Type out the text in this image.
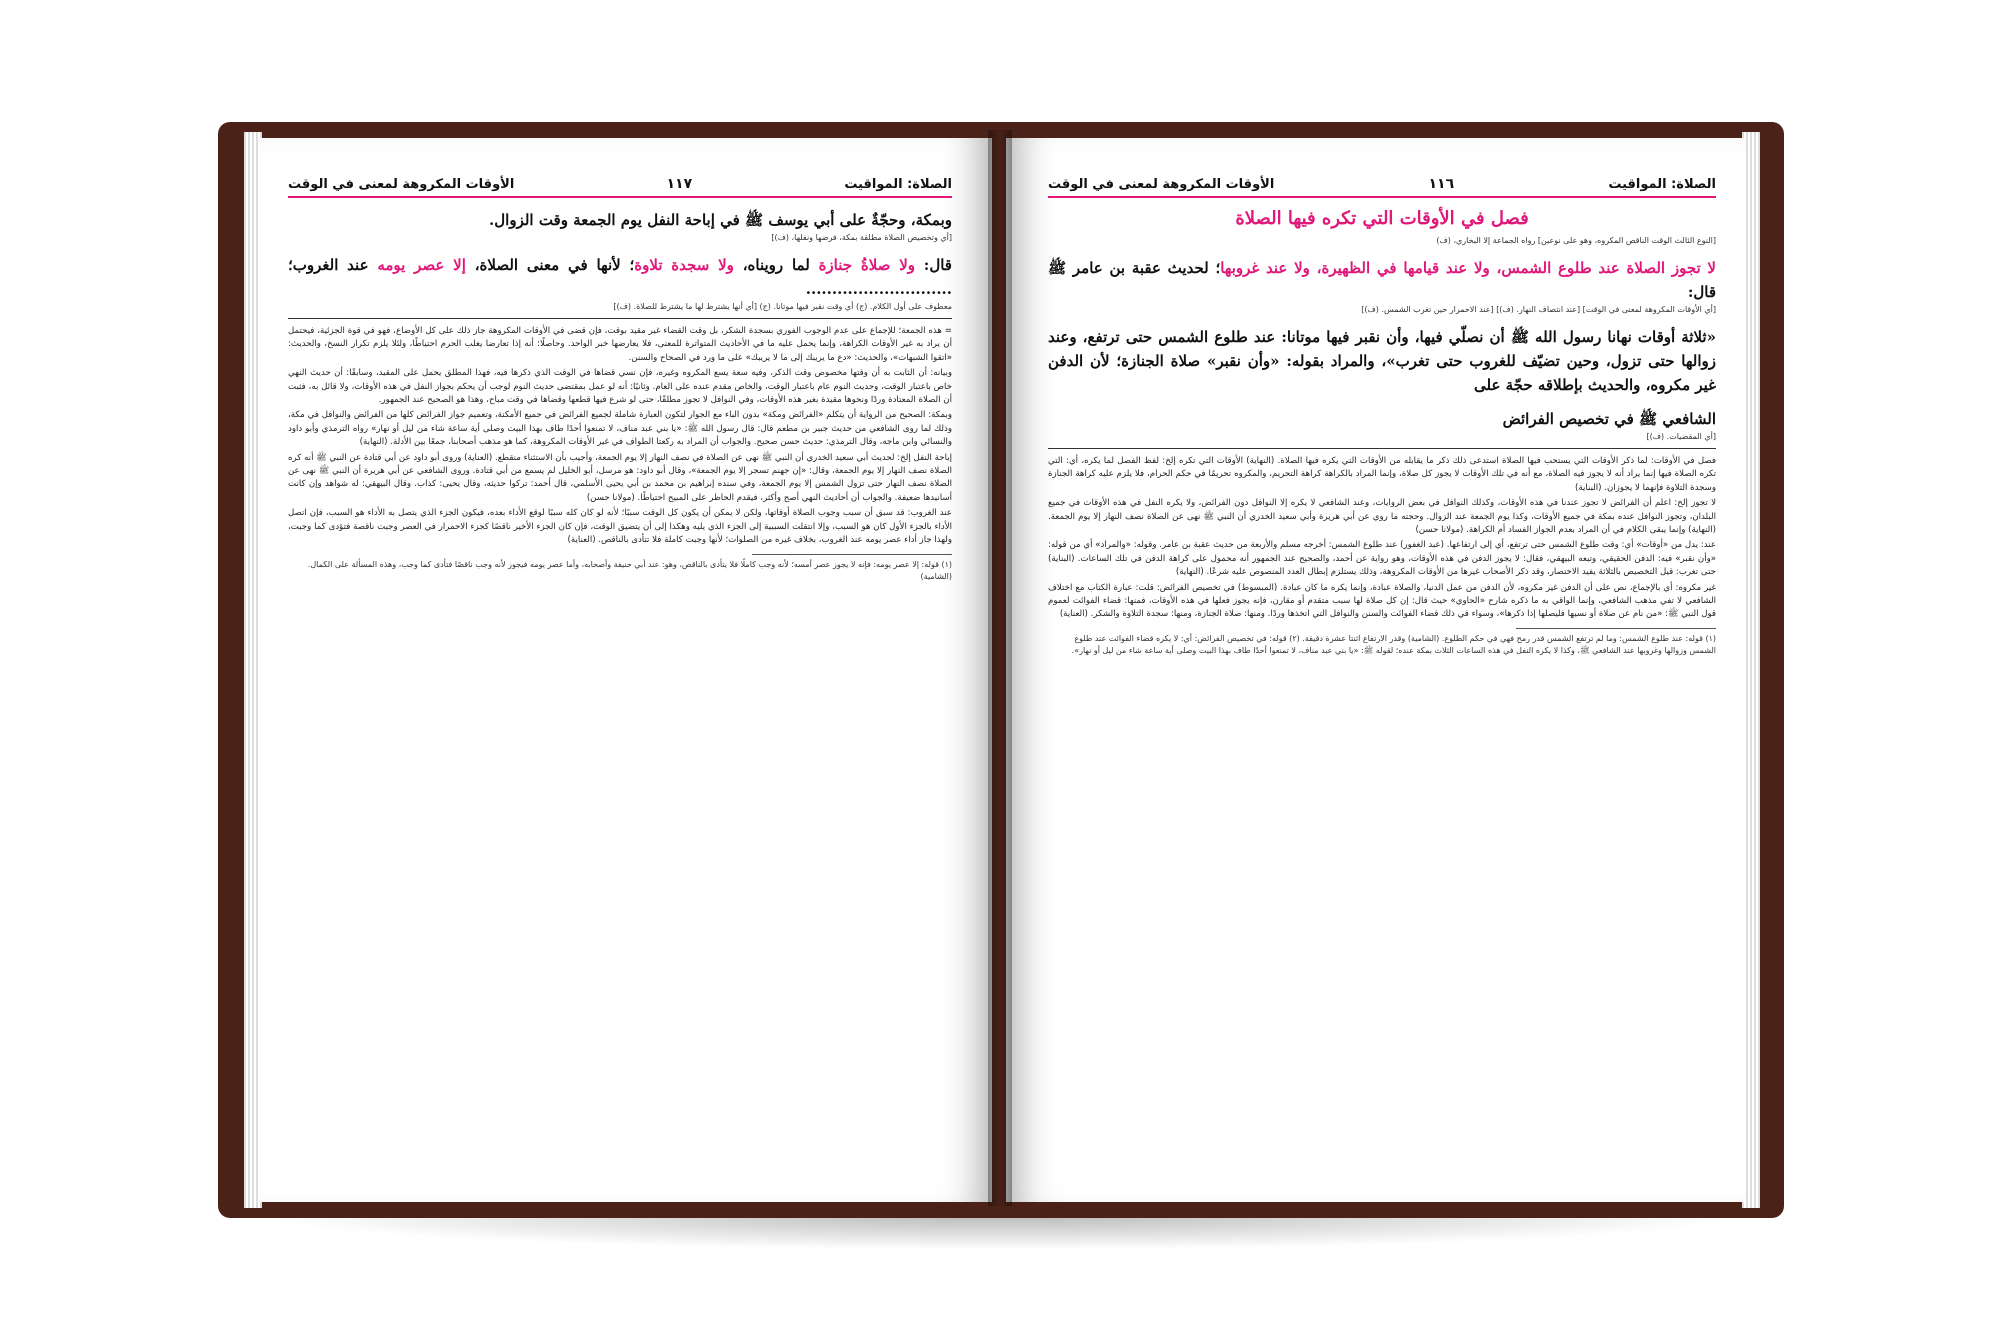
الصلاة: المواقيت
١١٧
الأوقات المكروهة لمعنى في الوقت
وبمكة، وحجّةٌ على أبي يوسف ﷺ في إباحة النفل يوم الجمعة وقت الزوال.
[أي وتخصيص الصلاة مطلقة بمكة، فرضها ونفلها، (ف)]
قال: ولا صلاةُ جنازة لما رويناه، ولا سجدة تلاوة؛ لأنها في معنى الصلاة، إلا عصر يومه عند الغروب؛ ............................
معطوف على أول الكلام. (ج) أي وقت نقبر فيها موتانا. (ج) [أي أنها يشترط لها ما يشترط للصلاة. (ف)]

= هذه الجمعة؛ للإجماع على عدم الوجوب الفوري بسجدة الشكر، بل وقت القضاء غير مقيد بوقت، فإن قضى في الأوقات المكروهة جاز ذلك على كل الأوضاع، فهو في قوة الجزئية، فيحتمل أن يراد به غير الأوقات الكراهة، وإنما يحمل عليه ما في الأحاديث المتواترة للمعنى، فلا يعارضها خبر الواحد. وحاصلًا: أنه إذا تعارضا يغلب الحرم احتياطًا، ولئلا يلزم تكرار النسخ، والحديث: «اتقوا الشبهات»، والحديث: «دع ما يريبك إلى ما لا يريبك» على ما ورد في الصحاح والسنن.

وبيانه: أن الثابت به أن وقتها مخصوص وقت الذكر، وفيه سعة يسع المكروه وغيره، فإن نسي قضاها في الوقت الذي ذكرها فيه، فهذا المطلق يحمل على المقيد، وسابقًا: أن حديث النهي خاص باعتبار الوقت، وحديث النوم عام باعتبار الوقت، والخاص مقدم عنده على العام. وثانيًا: أنه لو عمل بمقتضى حديث النوم لوجب أن يحكم بجواز النفل في هذه الأوقات، ولا قائل به، فثبت أن الصلاة المعتادة وردًا ونحوها مقيدة بغير هذه الأوقات، وفي النوافل لا تجوز مطلقًا، حتى لو شرع فيها قطعها وقضاها في وقت مباح، وهذا هو الصحيح عند الجمهور.

وبمكة: الصحيح من الرواية أن يتكلم «الفرائض ومكة» بدون الباء مع الجوار لتكون العبارة شاملة لجميع الفرائض في جميع الأمكنة، وتعميم جواز الفرائض كلها من الفرائض والنوافل في مكة، وذلك لما روى الشافعي من حديث جبير بن مطعم قال: قال رسول الله ﷺ: «يا بني عبد مناف، لا تمنعوا أحدًا طاف بهذا البيت وصلى أية ساعة شاء من ليل أو نهار» رواه الترمذي وأبو داود والنسائي وابن ماجه، وقال الترمذي: حديث حسن صحيح. والجواب أن المراد به ركعتا الطواف في غير الأوقات المكروهة، كما هو مذهب أصحابنا، جمعًا بين الأدلة. (النهاية)

إباحة النفل إلخ: لحديث أبي سعيد الخدري أن النبي ﷺ نهى عن الصلاة في نصف النهار إلا يوم الجمعة، وأجيب بأن الاستثناء منقطع. (العناية) وروى أبو داود عن أبي قتادة عن النبي ﷺ أنه كره الصلاة نصف النهار إلا يوم الجمعة، وقال: «إن جهنم تسجر إلا يوم الجمعة»، وقال أبو داود: هو مرسل، أبو الخليل لم يسمع من أبي قتادة. وروى الشافعي عن أبي هريرة أن النبي ﷺ نهى عن الصلاة نصف النهار حتى تزول الشمس إلا يوم الجمعة، وفي سنده إبراهيم بن محمد بن أبي يحيى الأسلمي، قال أحمد: تركوا حديثه، وقال يحيى: كذاب. وقال البيهقي: له شواهد وإن كانت أسانيدها ضعيفة. والجواب أن أحاديث النهي أصح وأكثر، فيقدم الحاظر على المبيح احتياطًا. (مولانا حسن)

عند الغروب: قد سبق أن سبب وجوب الصلاة أوقاتها، ولكن لا يمكن أن يكون كل الوقت سببًا؛ لأنه لو كان كله سببًا لوقع الأداء بعده، فيكون الجزء الذي يتصل به الأداء هو السبب، فإن اتصل الأداء بالجزء الأول كان هو السبب، وإلا انتقلت السببية إلى الجزء الذي يليه وهكذا إلى أن يتضيق الوقت، فإن كان الجزء الأخير ناقصًا كجزء الاحمرار في العصر وجبت ناقصة فتؤدى كما وجبت، ولهذا جاز أداء عصر يومه عند الغروب، بخلاف غيره من الصلوات؛ لأنها وجبت كاملة فلا تتأدى بالناقص. (العناية)

(١) قوله: إلا عصر يومه: فإنه لا يجوز عصر أمسه؛ لأنه وجب كاملًا فلا يتأدى بالناقص، وهو: عند أبي حنيفة وأصحابه، وأما عصر يومه فيجوز لأنه وجب ناقصًا فتأدى كما وجب، وهذه المسألة على الكمال. (الشامية)
الصلاة: المواقيت
١١٦
الأوقات المكروهة لمعنى في الوقت
فصل في الأوقات التي تكره فيها الصلاة
[النوع الثالث الوقت الناقص المكروه، وهو على نوعين] رواه الجماعة إلا البخاري، (ف)
لا تجوز الصلاة عند طلوع الشمس، ولا عند قيامها في الظهيرة، ولا عند غروبها؛ لحديث عقبة بن عامر ﷺ قال:
[أي الأوقات المكروهة لمعنى في الوقت] [عند انتصاف النهار. (ف)] [عند الاحمرار حين تغرب الشمس. (ف)]
«ثلاثة أوقات نهانا رسول الله ﷺ أن نصلّي فيها، وأن نقبر فيها موتانا: عند طلوع الشمس حتى ترتفع، وعند زوالها حتى تزول، وحين تضيّف للغروب حتى تغرب»، والمراد بقوله: «وأن نقبر» صلاة الجنازة؛ لأن الدفن غير مكروه، والحديث بإطلاقه حجّة على
الشافعي ﷺ في تخصيص الفرائض
[أي المقضيات. (ف)]

فصل في الأوقات: لما ذكر الأوقات التي يستحب فيها الصلاة استدعى ذلك ذكر ما يقابله من الأوقات التي يكره فيها الصلاة. (النهاية) الأوقات التي تكره إلخ: لفظ الفصل لما يكره، أي: التي تكره الصلاة فيها إنما يراد أنه لا يجوز فيه الصلاة، مع أنه في تلك الأوقات لا يجوز كل صلاة، وإنما المراد بالكراهة كراهة التحريم، والمكروه تحريمًا في حكم الحرام، فلا يلزم عليه كراهة الجنازة وسجدة التلاوة فإنهما لا يجوزان. (البناية)

لا تجوز إلخ: اعلم أن الفرائض لا تجوز عندنا في هذه الأوقات، وكذلك النوافل في بعض الروايات، وعند الشافعي لا يكره إلا النوافل دون الفرائض، ولا يكره النفل في هذه الأوقات في جميع البلدان، وتجوز النوافل عنده بمكة في جميع الأوقات، وكذا يوم الجمعة عند الزوال. وحجته ما روي عن أبي هريرة وأبي سعيد الخدري أن النبي ﷺ نهى عن الصلاة نصف النهار إلا يوم الجمعة. (النهاية) وإنما يبقى الكلام في أن المراد بعدم الجواز الفساد أم الكراهة. (مولانا حسن)

عند: يدل من «أوقات» أي: وقت طلوع الشمس حتى ترتفع، أي إلى ارتفاعها. (عبد الغفور) عند طلوع الشمس: أخرجه مسلم والأربعة من حديث عقبة بن عامر. وقوله: «والمراد» أي من قوله: «وأن نقبر» فيه: الدفن الحقيقي، وتبعه البيهقي، فقال: لا يجوز الدفن في هذه الأوقات، وهو رواية عن أحمد، والصحيح عند الجمهور أنه محمول على كراهة الدفن في تلك الساعات. (البناية) حتى تغرب: قيل التخصيص بالثلاثة يفيد الاختصار، وقد ذكر الأصحاب غيرها من الأوقات المكروهة، وذلك يستلزم إبطال العدد المنصوص عليه شرعًا. (النهاية)

غير مكروه: أي بالإجماع، نص على أن الدفن غير مكروه، لأن الدفن من عمل الدنيا، والصلاة عبادة، وإنما يكره ما كان عبادة. (المبسوط) في تخصيص الفرائض: قلت: عبارة الكتاب مع اختلاف الشافعي لا تفي مذهب الشافعي، وإنما الواقي به ما ذكره شارح «الحاوي» حيث قال: إن كل صلاة لها سبب متقدم أو مقارن، فإنه يجوز فعلها في هذه الأوقات، فمنها: قضاء الفوائت لعموم قول النبي ﷺ: «من نام عن صلاة أو نسيها فليصلها إذا ذكرها»، وسواء في ذلك قضاء الفوائت والسنن والنوافل التي اتخذها وردًا. ومنها: صلاة الجنازة، ومنها: سجدة التلاوة والشكر. (العناية)

(١) قوله: عند طلوع الشمس: وما لم ترتفع الشمس قدر رمح فهي في حكم الطلوع. (الشامية) وقدر الارتفاع اثنتا عشرة دقيقة. (٢) قوله: في تخصيص الفرائض: أي: لا يكره قضاء الفوائت عند طلوع الشمس وزوالها وغروبها عند الشافعي ﷺ، وكذا لا يكره النفل في هذه الساعات الثلاث بمكة عنده؛ لقوله ﷺ: «يا بني عبد مناف، لا تمنعوا أحدًا طاف بهذا البيت وصلى أية ساعة شاء من ليل أو نهار».
